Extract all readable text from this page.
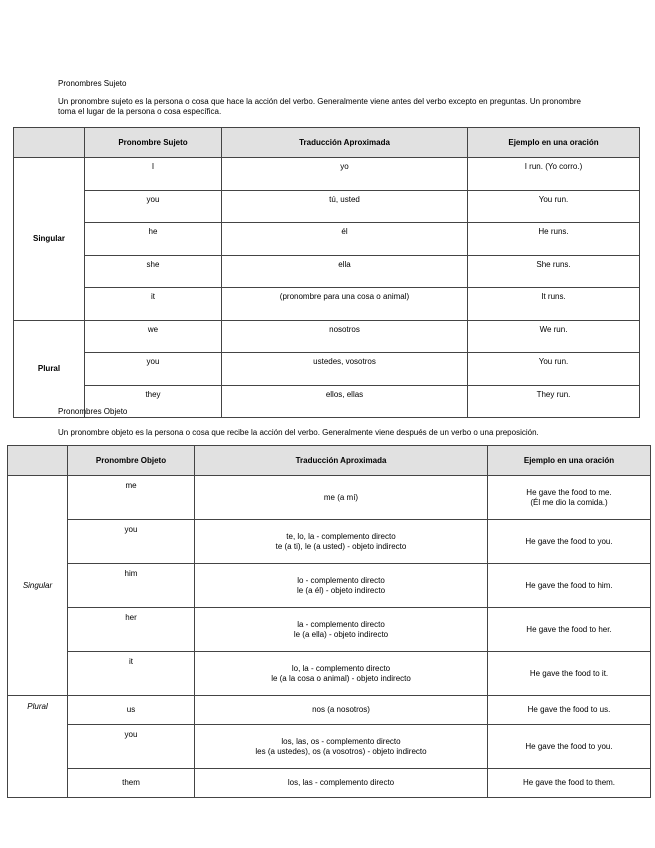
Pronombres Sujeto
Un pronombre sujeto es la persona o cosa que hace la acción del verbo. Generalmente viene antes del verbo excepto en preguntas. Un pronombre toma el lugar de la persona o cosa específica.
	Pronombre Sujeto	Traducción Aproximada	Ejemplo en una oración
Singular	I	yo	I run. (Yo corro.)
	you	tú, usted	You run.
	he	él	He runs.
	she	ella	She runs.
	it	(pronombre para una cosa o animal)	It runs.
Plural	we	nosotros	We run.
	you	ustedes, vosotros	You run.
	they	ellos, ellas	They run.
Pronombres Objeto
Un pronombre objeto es la persona o cosa que recibe la acción del verbo. Generalmente viene después de un verbo o una preposición.
	Pronombre Objeto	Traducción Aproximada	Ejemplo en una oración
Singular	me	me (a mí)	He gave the food to me.
(Él me dio la comida.)

	you	te, lo, la - complemento directo
te (a ti), le (a usted) - objeto indirecto	He gave the food to you.

	him	lo - complemento directo
le (a él) - objeto indirecto	He gave the food to him.

	her	la - complemento directo
le (a ella) - objeto indirecto	He gave the food to her.

	it	lo, la - complemento directo
le (a la cosa o animal) - objeto indirecto	He gave the food to it.

Plural	us	nos (a nosotros)	He gave the food to us.

	you	los, las, os - complemento directo
les (a ustedes), os (a vosotros) - objeto indirecto	He gave the food to you.

	them	los, las - complemento directo	He gave the food to them.
